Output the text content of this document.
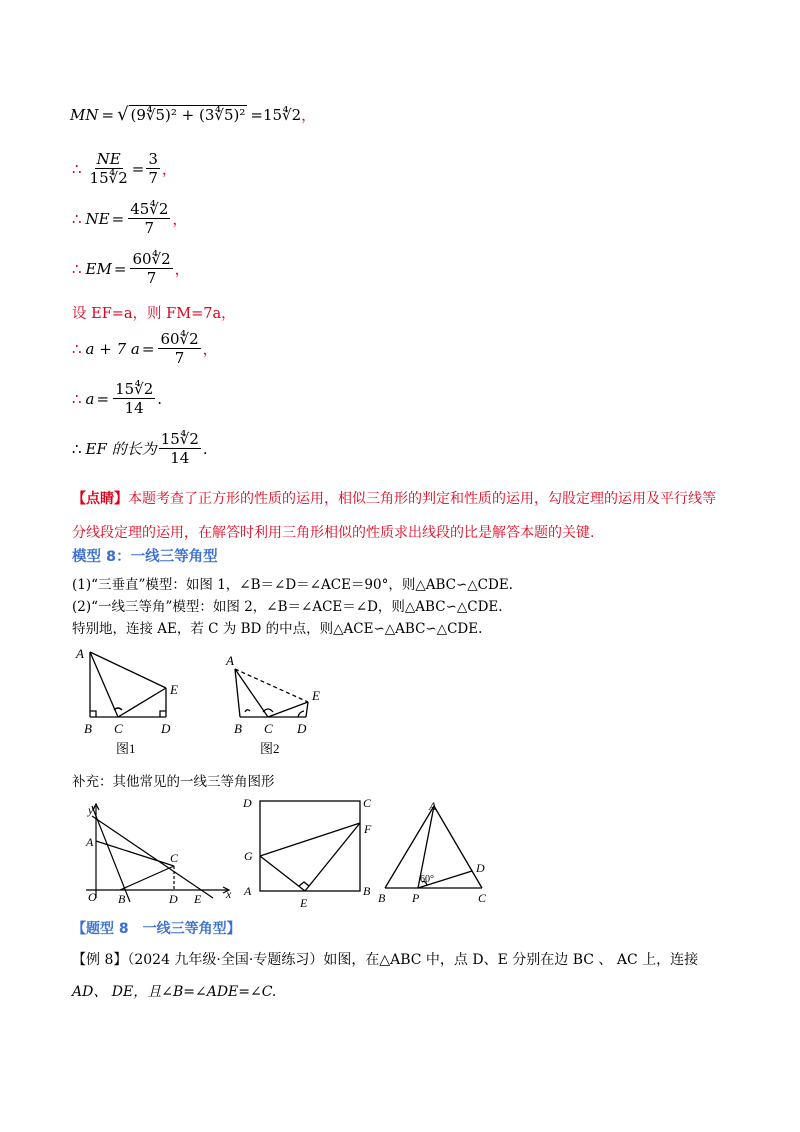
MN = √ (9∜5)² + (3∜5)² =15∜2 ，
∴ $\frac{NE}{15∜2} = \frac{3}{7}$ ，
∴ NE = $\frac{45∜2}{7}$ ，
∴ EM = $\frac{60∜2}{7}$ ，
设 EF=a，则 FM=7a，
∴ a + 7 $a = \frac{60∜2}{7}$ ，
∴ $a = \frac{15∜2}{14}$ .
∴ EF 的长为 $\frac{15∜2}{14}$ .
【点睛】本题考查了正方形的性质的运用，相似三角形的判定和性质的运用，勾股定理的运用及平行线等
分线段定理的运用，在解答时利用三角形相似的性质求出线段的比是解答本题的关键.
模型 8：一线三等角型
(1)“三垂直”模型：如图 1，∠B＝∠D＝∠ACE＝90°，则△ABC∽△CDE.
(2)“一线三等角”模型：如图 2，∠B＝∠ACE＝∠D，则△ABC∽△CDE.
特别地，连接 AE，若 C 为 BD 的中点，则△ACE∽△ABC∽△CDE.
A
E
B C	D
图1
A
E
B C D
图2
补充：其他常见的一线三等角图形
y
A
C
O B	D E x
D	C
F
G
A
E
B
A
D
60°
B P	C
【题型 8　一线三等角型】
【例 8】（2024 九年级·全国·专题练习）如图，在△ABC 中，点 D、E 分别在边 BC 、 AC 上，连接
AD、 DE，且∠B=∠ADE=∠C.
